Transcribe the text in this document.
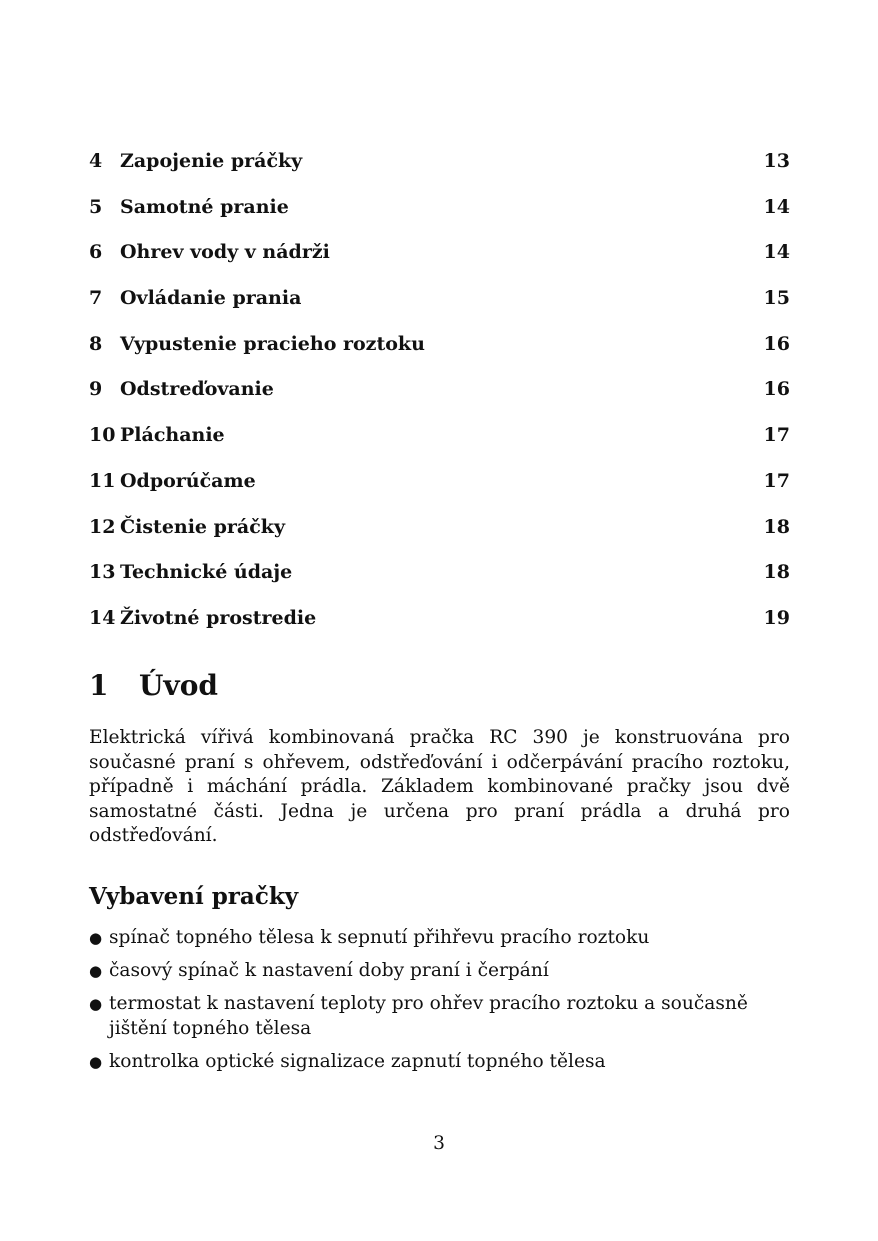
4 Zapojenie práčky	13
5 Samotné pranie	14
6 Ohrev vody v nádrži	14
7 Ovládanie prania	15
8 Vypustenie pracieho roztoku	16
9 Odstreďovanie	16
10 Pláchanie	17
11 Odporúčame	17
12 Čistenie práčky	18
13 Technické údaje	18
14 Životné prostredie	19
1 Úvod

Elektrická vířivá kombinovaná pračka RC 390 je konstruována pro současné praní s ohřevem, odstřeďování i odčerpávání pracího roztoku, případně i máchání prádla. Základem kombinované pračky jsou dvě samostatné části. Jedna je určena pro praní prádla a druhá pro odstřeďování.

Vybavení pračky
● spínač topného tělesa k sepnutí přihřevu pracího roztoku
● časový spínač k nastavení doby praní i čerpání
● termostat k nastavení teploty pro ohřev pracího roztoku a současně jištění topného tělesa
● kontrolka optické signalizace zapnutí topného tělesa
3
